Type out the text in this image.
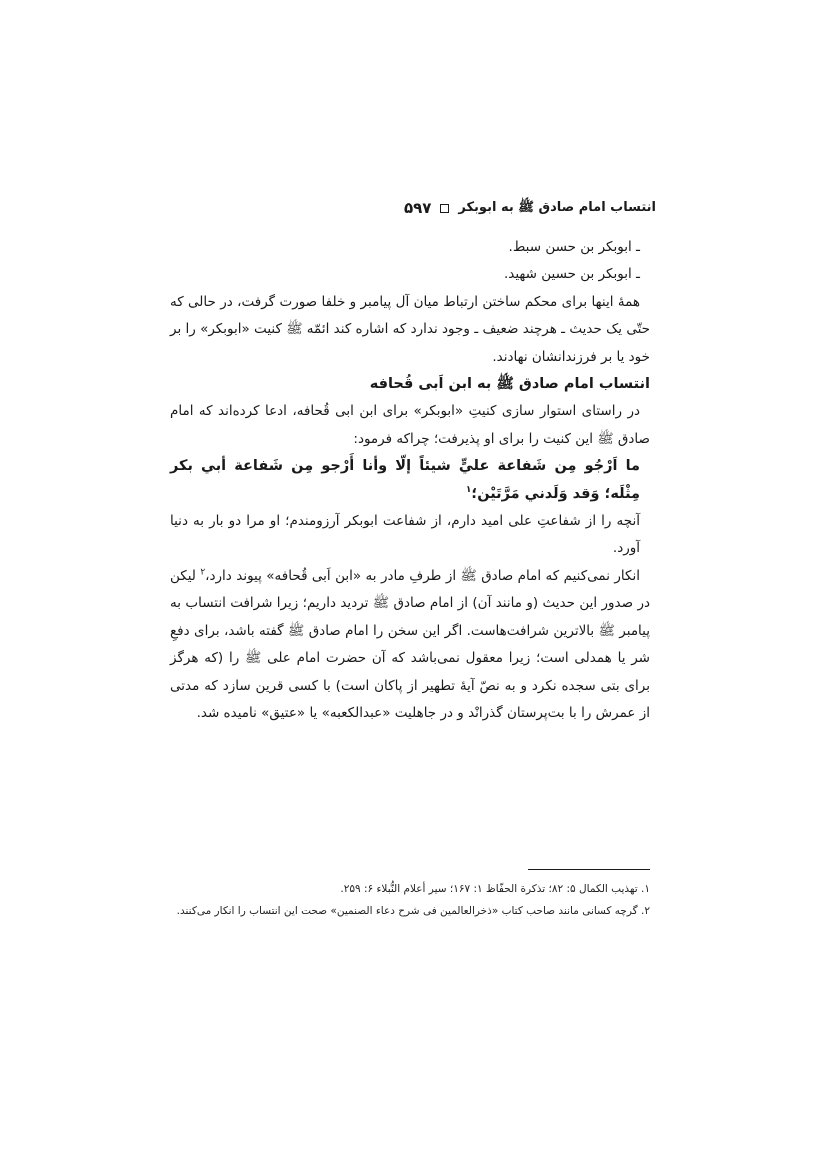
انتساب امام صادق ﷺ به ابوبکر
۵۹۷

ـ ابوبکر بن حسن سبط.

ـ ابوبکر بن حسین شهید.

همهٔ اینها برای محکم ساختن ارتباط میان آل پیامبر و خلفا صورت گرفت، در حالی که حتّی یک حدیث ـ هرچند ضعیف ـ وجود ندارد که اشاره کند ائمّه ﷺ کنیت «ابوبکر» را بر خود یا بر فرزندانشان نهادند.

انتساب امام صادق ﷺ به ابن اَبی قُحافه

در راستای استوار سازی کنیتِ «ابوبکر» برای ابن ابی قُحافه، ادعا کرده‌اند که امام صادق ﷺ این کنیت را برای او پذیرفت؛ چراکه فرمود:

ما اَرْجُو مِن شَفاعة عليٍّ شيئاً إلّا وأنا أَرْجو مِن شَفاعة أبي بكر مِثْلَه؛ وَقد وَلَدني مَرَّتَيْن؛$^۱$

آنچه را از شفاعتِ علی امید دارم، از شفاعت ابوبکر آرزومندم؛ او مرا دو بار به دنیا آورد.

انکار نمی‌کنیم که امام صادق ﷺ از طرفِ مادر به «ابن اَبی قُحافه» پیوند دارد،$^۲$ لیکن در صدور این حدیث (و مانند آن) از امام صادق ﷺ تردید داریم؛ زیرا شرافت انتساب به پیامبر ﷺ بالاترین شرافت‌هاست. اگر این سخن را امام صادق ﷺ گفته باشد، برای دفعِ شر یا همدلی است؛ زیرا معقول نمی‌باشد که آن حضرت امام علی ﷺ را (که هرگز برای بتی سجده نکرد و به نصّ آیهٔ تطهیر از پاکان است) با کسی قرین سازد که مدتی از عمرش را با بت‌پرستان گذرانْد و در جاهلیت «عبدالکعبه» یا «عتیق» نامیده شد.

۱. تهذیب الکمال ۵: ۸۲؛ تذکرة الحفّاظ ۱: ۱۶۷؛ سیر أعلام النُّبلاء ۶: ۲۵۹.

۲. گرچه کسانی مانند صاحب کتاب «ذخرالعالمین فی شرح دعاء الصنمین» صحت این انتساب را انکار می‌کنند.
